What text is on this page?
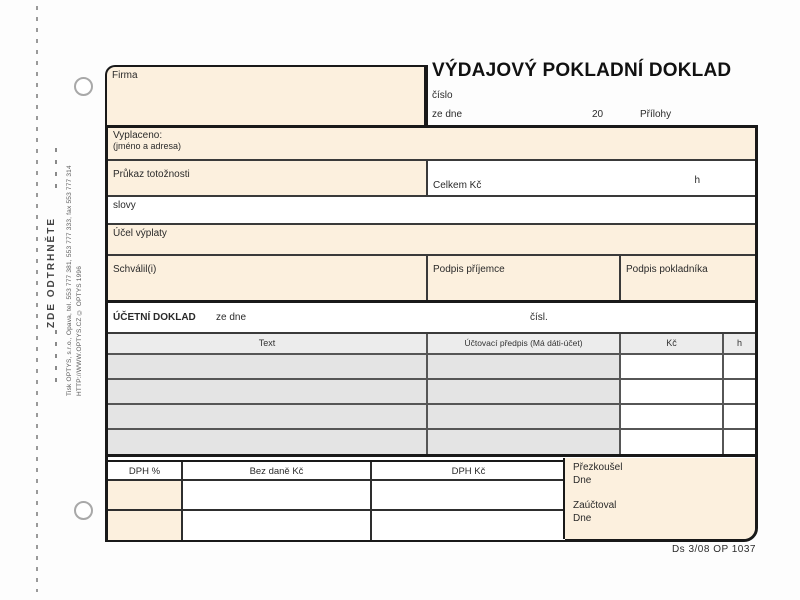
ZDE ODTRHNĚTE Tisk OPTYS, s.r.o., Opava, tel. 553 777 381, 553 777 333, fax 553 777 314 HTTP://WWW.OPTYS.CZ © OPTYS 1996
Firma	VÝDAJOVÝ POKLADNÍ DOKLAD
číslo
ze dne	20	Přílohy
Vyplaceno:
(jméno a adresa)
Průkaz totožnosti
Celkem Kč	h
slovy
Účel výplaty
Schválil(i)	Podpis příjemce	Podpis pokladníka
ÚČETNÍ DOKLAD ze dne	čísl.
Text	Účtovací předpis (Má dáti-účet)	Kč	h
DPH %	Bez daně Kč	DPH Kč	Přezkoušel
Dne
Zaúčtoval
Dne
Ds 3/08 OP 1037
